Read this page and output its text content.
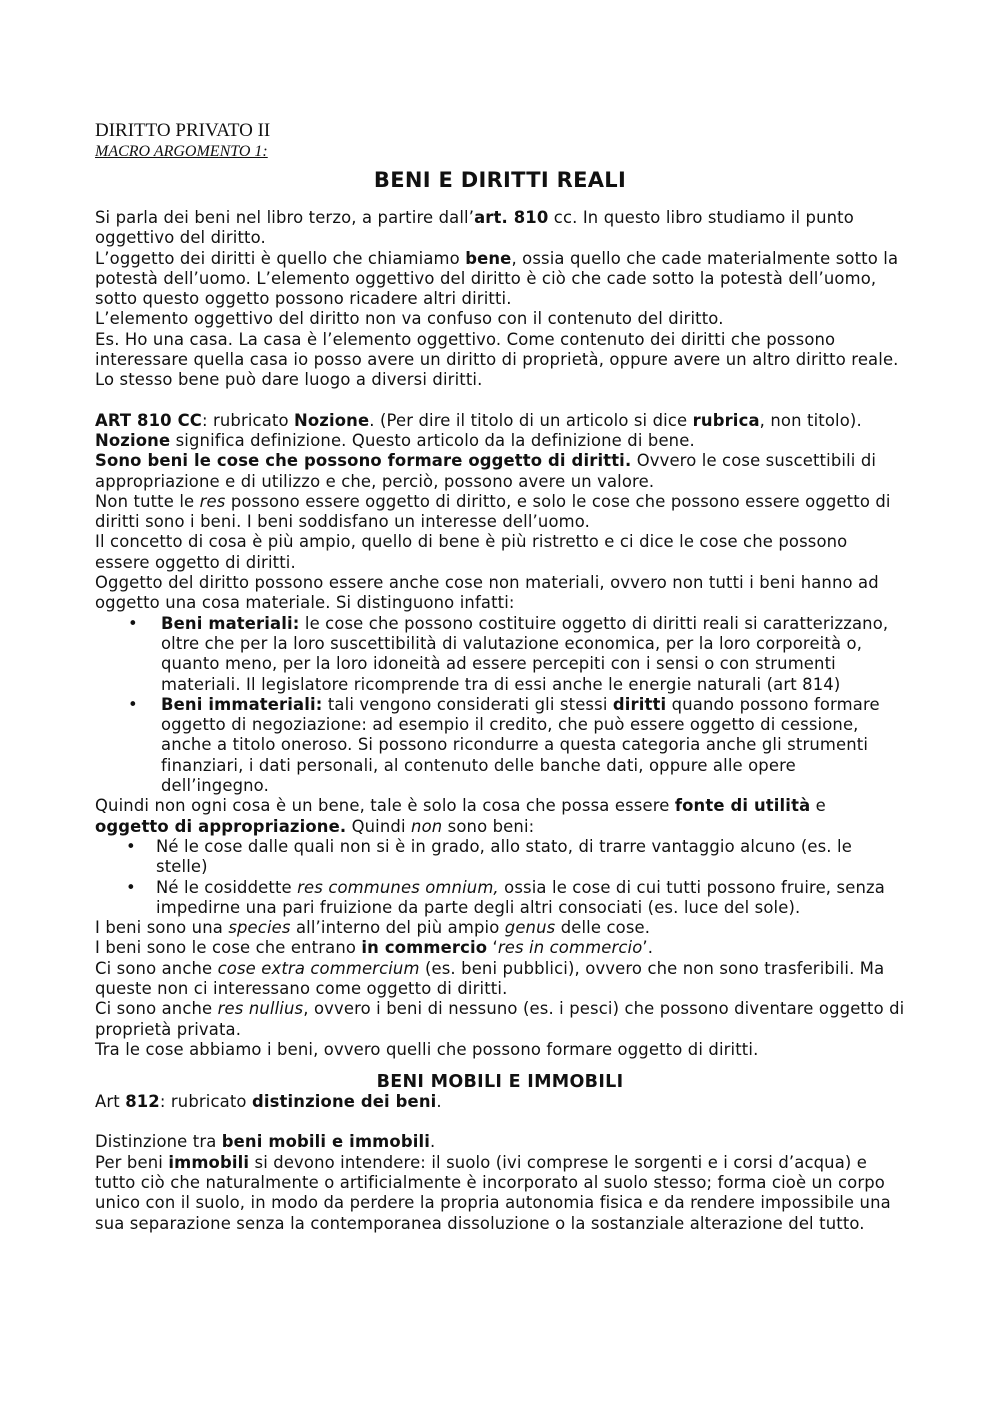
DIRITTO PRIVATO II
MACRO ARGOMENTO 1:
BENI E DIRITTI REALI

Si parla dei beni nel libro terzo, a partire dall’art. 810 cc. In questo libro studiamo il punto oggettivo del diritto.

L’oggetto dei diritti è quello che chiamiamo bene, ossia quello che cade materialmente sotto la potestà dell’uomo. L’elemento oggettivo del diritto è ciò che cade sotto la potestà dell’uomo, sotto questo oggetto possono ricadere altri diritti.

L’elemento oggettivo del diritto non va confuso con il contenuto del diritto.

Es. Ho una casa. La casa è l’elemento oggettivo. Come contenuto dei diritti che possono interessare quella casa io posso avere un diritto di proprietà, oppure avere un altro diritto reale. Lo stesso bene può dare luogo a diversi diritti.

ART 810 CC: rubricato Nozione. (Per dire il titolo di un articolo si dice rubrica, non titolo).

Nozione significa definizione. Questo articolo da la definizione di bene.

Sono beni le cose che possono formare oggetto di diritti. Ovvero le cose suscettibili di appropriazione e di utilizzo e che, perciò, possono avere un valore.

Non tutte le res possono essere oggetto di diritto, e solo le cose che possono essere oggetto di diritti sono i beni. I beni soddisfano un interesse dell’uomo.

Il concetto di cosa è più ampio, quello di bene è più ristretto e ci dice le cose che possono essere oggetto di diritti.

Oggetto del diritto possono essere anche cose non materiali, ovvero non tutti i beni hanno ad oggetto una cosa materiale. Si distinguono infatti:

• Beni materiali: le cose che possono costituire oggetto di diritti reali si caratterizzano, oltre che per la loro suscettibilità di valutazione economica, per la loro corporeità o, quanto meno, per la loro idoneità ad essere percepiti con i sensi o con strumenti materiali. Il legislatore ricomprende tra di essi anche le energie naturali (art 814)
• Beni immateriali: tali vengono considerati gli stessi diritti quando possono formare oggetto di negoziazione: ad esempio il credito, che può essere oggetto di cessione, anche a titolo oneroso. Si possono ricondurre a questa categoria anche gli strumenti finanziari, i dati personali, al contenuto delle banche dati, oppure alle opere dell’ingegno.

Quindi non ogni cosa è un bene, tale è solo la cosa che possa essere fonte di utilità e oggetto di appropriazione. Quindi non sono beni:

• Né le cose dalle quali non si è in grado, allo stato, di trarre vantaggio alcuno (es. le stelle)
• Né le cosiddette res communes omnium, ossia le cose di cui tutti possono fruire, senza impedirne una pari fruizione da parte degli altri consociati (es. luce del sole).

I beni sono una species all’interno del più ampio genus delle cose.

I beni sono le cose che entrano in commercio ‘res in commercio’.

Ci sono anche cose extra commercium (es. beni pubblici), ovvero che non sono trasferibili. Ma queste non ci interessano come oggetto di diritti.

Ci sono anche res nullius, ovvero i beni di nessuno (es. i pesci) che possono diventare oggetto di proprietà privata.

Tra le cose abbiamo i beni, ovvero quelli che possono formare oggetto di diritti.

BENI MOBILI E IMMOBILI

Art 812: rubricato distinzione dei beni.

Distinzione tra beni mobili e immobili.

Per beni immobili si devono intendere: il suolo (ivi comprese le sorgenti e i corsi d’acqua) e tutto ciò che naturalmente o artificialmente è incorporato al suolo stesso; forma cioè un corpo unico con il suolo, in modo da perdere la propria autonomia fisica e da rendere impossibile una sua separazione senza la contemporanea dissoluzione o la sostanziale alterazione del tutto.
